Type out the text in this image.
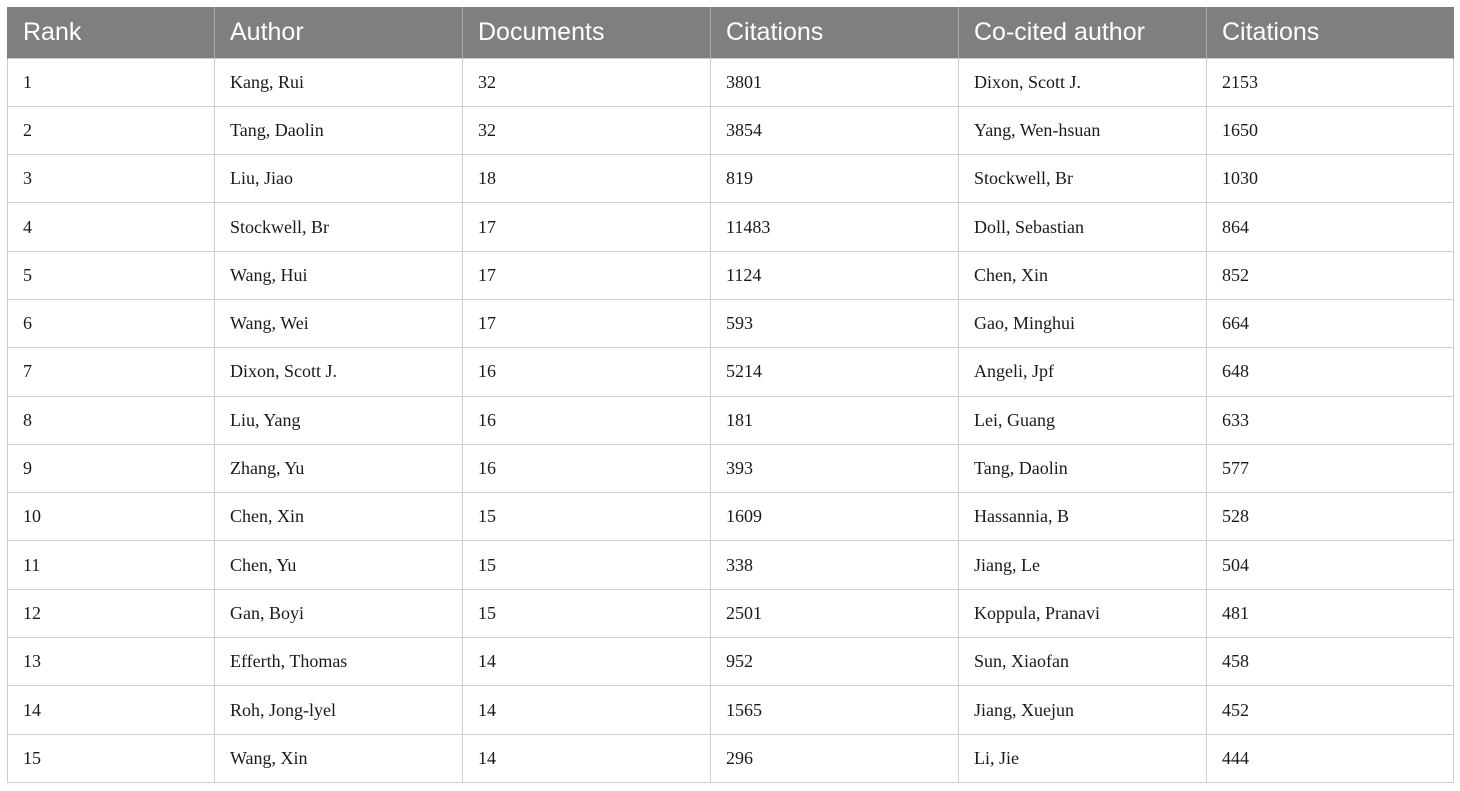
Rank	Author	Documents	Citations	Co-cited author	Citations
1	Kang, Rui	32	3801	Dixon, Scott J.	2153
2	Tang, Daolin	32	3854	Yang, Wen-hsuan	1650
3	Liu, Jiao	18	819	Stockwell, Br	1030
4	Stockwell, Br	17	11483	Doll, Sebastian	864
5	Wang, Hui	17	1124	Chen, Xin	852
6	Wang, Wei	17	593	Gao, Minghui	664
7	Dixon, Scott J.	16	5214	Angeli, Jpf	648
8	Liu, Yang	16	181	Lei, Guang	633
9	Zhang, Yu	16	393	Tang, Daolin	577
10	Chen, Xin	15	1609	Hassannia, B	528
11	Chen, Yu	15	338	Jiang, Le	504
12	Gan, Boyi	15	2501	Koppula, Pranavi	481
13	Efferth, Thomas	14	952	Sun, Xiaofan	458
14	Roh, Jong-lyel	14	1565	Jiang, Xuejun	452
15	Wang, Xin	14	296	Li, Jie	444
